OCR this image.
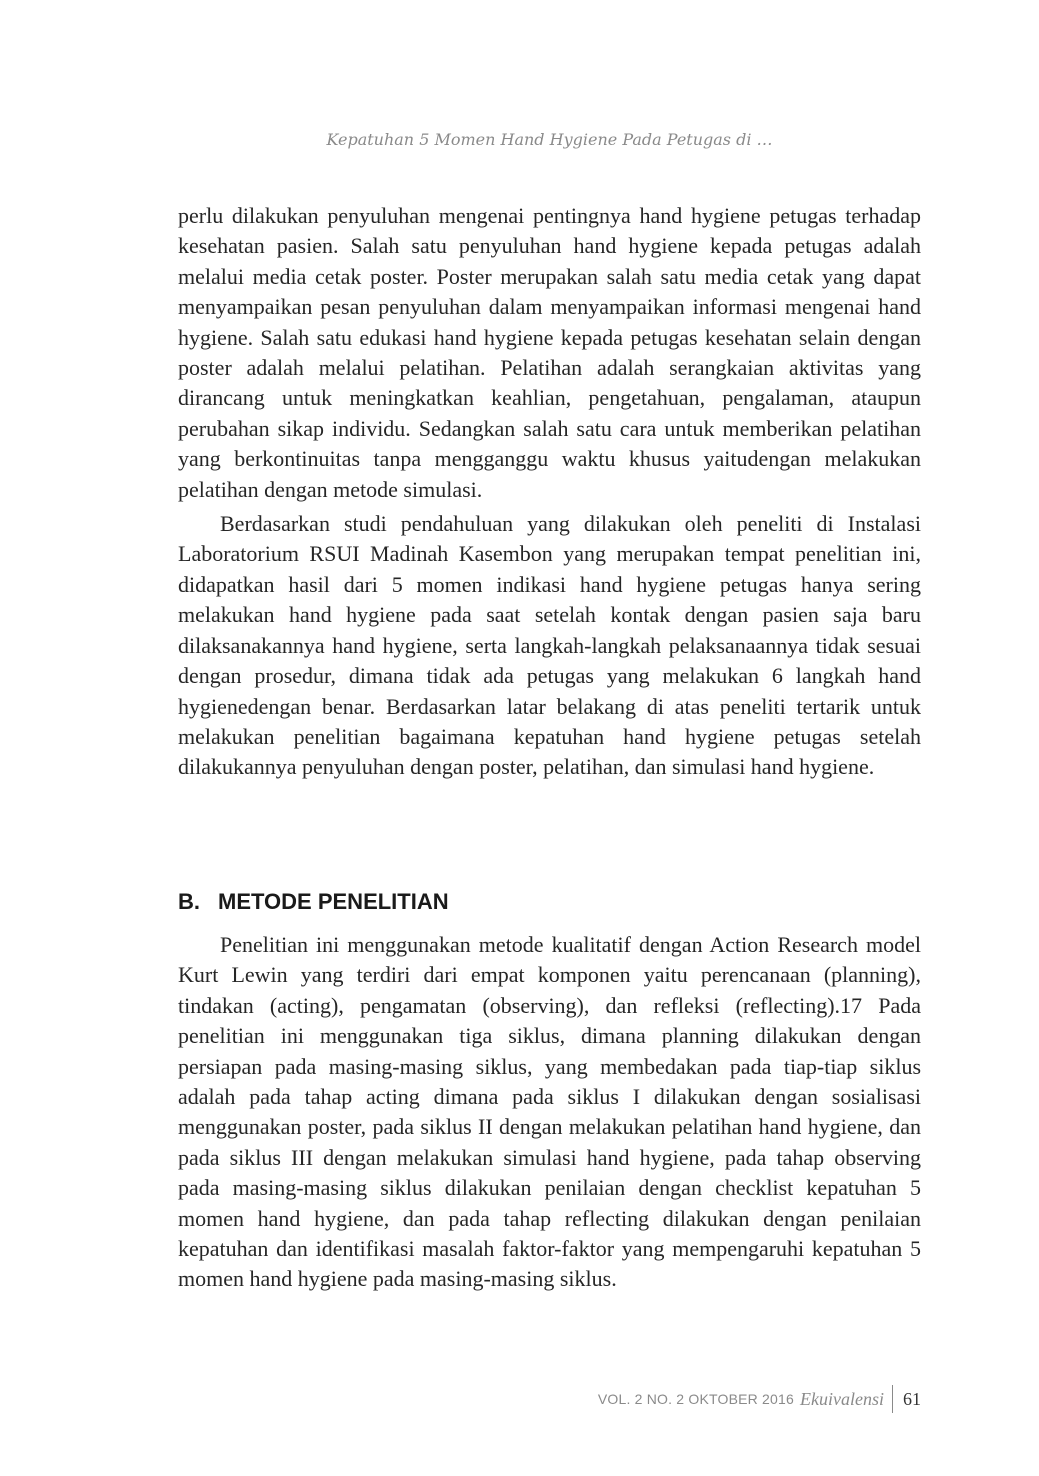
Kepatuhan 5 Momen Hand Hygiene Pada Petugas di …

perlu dilakukan penyuluhan mengenai pentingnya hand hygiene petugas terhadap kesehatan pasien. Salah satu penyuluhan hand hygiene kepada petugas adalah melalui media cetak poster. Poster merupakan salah satu media cetak yang dapat menyampaikan pesan penyuluhan dalam menyampaikan informasi mengenai hand hygiene. Salah satu edukasi hand hygiene kepada petugas kesehatan selain dengan poster adalah melalui pelatihan. Pelatihan adalah serangkaian aktivitas yang dirancang untuk meningkatkan keahlian, pengetahuan, pengalaman, ataupun perubahan sikap individu. Sedangkan salah satu cara untuk memberikan pelatihan yang berkontinuitas tanpa mengganggu waktu khusus yaitudengan melakukan pelatihan dengan metode simulasi.

Berdasarkan studi pendahuluan yang dilakukan oleh peneliti di Instalasi Laboratorium RSUI Madinah Kasembon yang merupakan tempat penelitian ini, didapatkan hasil dari 5 momen indikasi hand hygiene petugas hanya sering melakukan hand hygiene pada saat setelah kontak dengan pasien saja baru dilaksanakannya hand hygiene, serta langkah-langkah pelaksanaannya tidak sesuai dengan prosedur, dimana tidak ada petugas yang melakukan 6 langkah hand hygienedengan benar. Berdasarkan latar belakang di atas peneliti tertarik untuk melakukan penelitian bagaimana kepatuhan hand hygiene petugas setelah dilakukannya penyuluhan dengan poster, pelatihan, dan simulasi hand hygiene.

B. METODE PENELITIAN

Penelitian ini menggunakan metode kualitatif dengan Action Research model Kurt Lewin yang terdiri dari empat komponen yaitu perencanaan (planning), tindakan (acting), pengamatan (observing), dan refleksi (reflecting).17 Pada penelitian ini menggunakan tiga siklus, dimana planning dilakukan dengan persiapan pada masing-masing siklus, yang membedakan pada tiap-tiap siklus adalah pada tahap acting dimana pada siklus I dilakukan dengan sosialisasi menggunakan poster, pada siklus II dengan melakukan pelatihan hand hygiene, dan pada siklus III dengan melakukan simulasi hand hygiene, pada tahap observing pada masing-masing siklus dilakukan penilaian dengan checklist kepatuhan 5 momen hand hygiene, dan pada tahap reflecting dilakukan dengan penilaian kepatuhan dan identifikasi masalah faktor-faktor yang mempengaruhi kepatuhan 5 momen hand hygiene pada masing-masing siklus.

VOL. 2 NO. 2 OKTOBER 2016 Ekuivalensi 61
